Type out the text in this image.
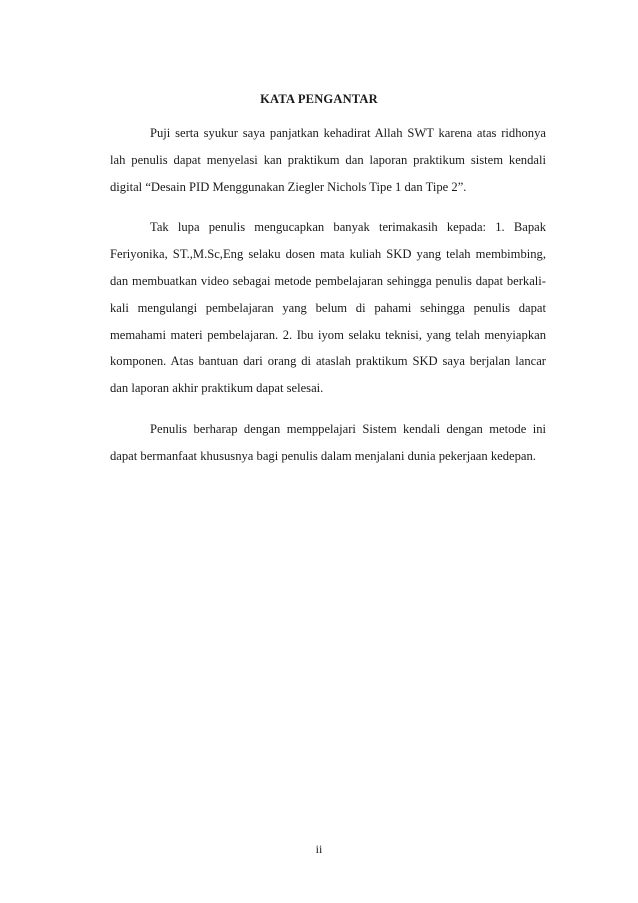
KATA PENGANTAR

Puji serta syukur saya panjatkan kehadirat Allah SWT karena atas ridhonya lah penulis dapat menyelasi kan praktikum dan laporan praktikum sistem kendali digital “Desain PID Menggunakan Ziegler Nichols Tipe 1 dan Tipe 2”.

Tak lupa penulis mengucapkan banyak terimakasih kepada: 1. Bapak Feriyonika, ST.,M.Sc,Eng selaku dosen mata kuliah SKD yang telah membimbing, dan membuatkan video sebagai metode pembelajaran sehingga penulis dapat berkali-kali mengulangi pembelajaran yang belum di pahami sehingga penulis dapat memahami materi pembelajaran. 2. Ibu iyom selaku teknisi, yang telah menyiapkan komponen. Atas bantuan dari orang di ataslah praktikum SKD saya berjalan lancar dan laporan akhir praktikum dapat selesai.

Penulis berharap dengan memppelajari Sistem kendali dengan metode ini dapat bermanfaat khususnya bagi penulis dalam menjalani dunia pekerjaan kedepan.

ii
